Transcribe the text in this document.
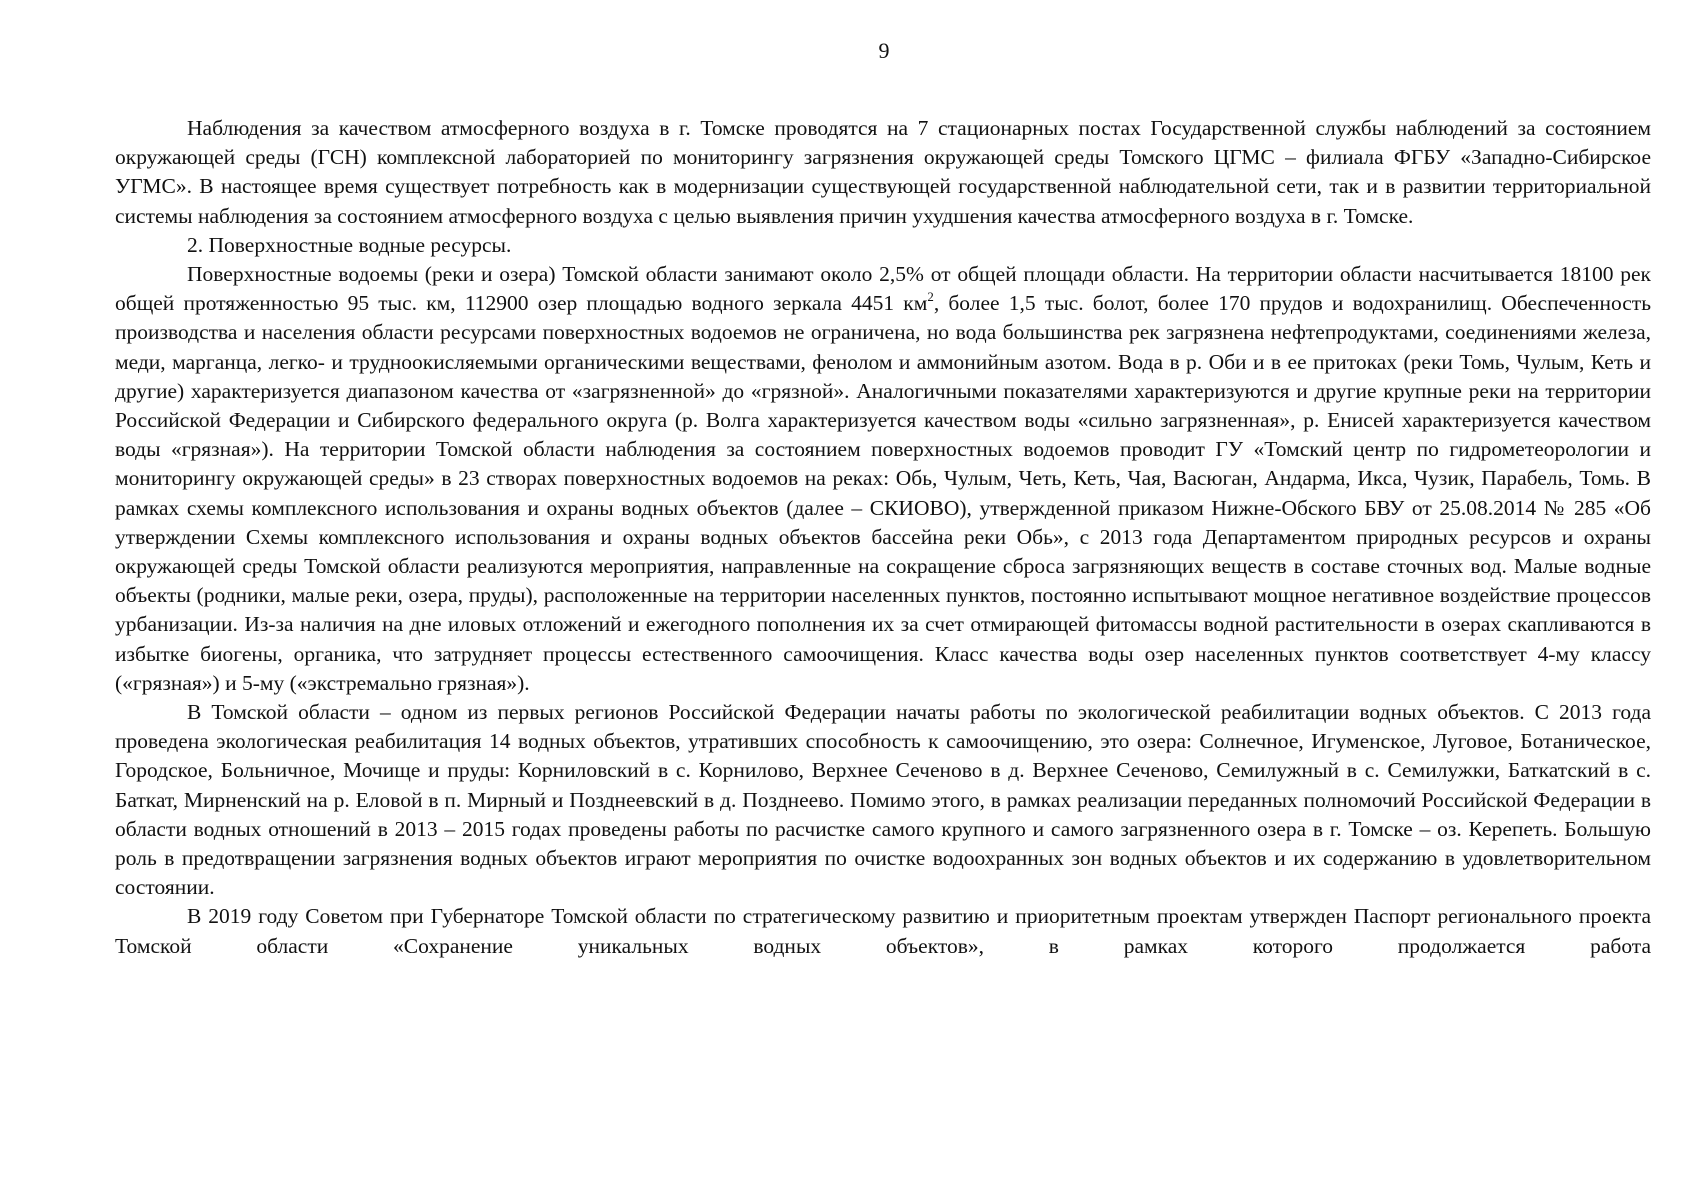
9

Наблюдения за качеством атмосферного воздуха в г. Томске проводятся на 7 стационарных постах Государственной службы наблюдений за состоянием окружающей среды (ГСН) комплексной лабораторией по мониторингу загрязнения окружающей среды Томского ЦГМС – филиала ФГБУ «Западно-Сибирское УГМС». В настоящее время существует потребность как в модернизации существующей государственной наблюдательной сети, так и в развитии территориальной системы наблюдения за состоянием атмосферного воздуха с целью выявления причин ухудшения качества атмосферного воздуха в г. Томске.

2. Поверхностные водные ресурсы.

Поверхностные водоемы (реки и озера) Томской области занимают около 2,5% от общей площади области. На территории области насчитывается 18100 рек общей протяженностью 95 тыс. км, 112900 озер площадью водного зеркала 4451 $км^2$, более 1,5 тыс. болот, более 170 прудов и водохранилищ. Обеспеченность производства и населения области ресурсами поверхностных водоемов не ограничена, но вода большинства рек загрязнена нефтепродуктами, соединениями железа, меди, марганца, легко- и трудноокисляемыми органическими веществами, фенолом и аммонийным азотом. Вода в р. Оби и в ее притоках (реки Томь, Чулым, Кеть и другие) характеризуется диапазоном качества от «загрязненной» до «грязной». Аналогичными показателями характеризуются и другие крупные реки на территории Российской Федерации и Сибирского федерального округа (р. Волга характеризуется качеством воды «сильно загрязненная», р. Енисей характеризуется качеством воды «грязная»). На территории Томской области наблюдения за состоянием поверхностных водоемов проводит ГУ «Томский центр по гидрометеорологии и мониторингу окружающей среды» в 23 створах поверхностных водоемов на реках: Обь, Чулым, Четь, Кеть, Чая, Васюган, Андарма, Икса, Чузик, Парабель, Томь. В рамках схемы комплексного использования и охраны водных объектов (далее – СКИОВО), утвержденной приказом Нижне-Обского БВУ от 25.08.2014 № 285 «Об утверждении Схемы комплексного использования и охраны водных объектов бассейна реки Обь», с 2013 года Департаментом природных ресурсов и охраны окружающей среды Томской области реализуются мероприятия, направленные на сокращение сброса загрязняющих веществ в составе сточных вод. Малые водные объекты (родники, малые реки, озера, пруды), расположенные на территории населенных пунктов, постоянно испытывают мощное негативное воздействие процессов урбанизации. Из-за наличия на дне иловых отложений и ежегодного пополнения их за счет отмирающей фитомассы водной растительности в озерах скапливаются в избытке биогены, органика, что затрудняет процессы естественного самоочищения. Класс качества воды озер населенных пунктов соответствует 4-му классу («грязная») и 5-му («экстремально грязная»).

В Томской области – одном из первых регионов Российской Федерации начаты работы по экологической реабилитации водных объектов. С 2013 года проведена экологическая реабилитация 14 водных объектов, утративших способность к самоочищению, это озера: Солнечное, Игуменское, Луговое, Ботаническое, Городское, Больничное, Мочище и пруды: Корниловский в с. Корнилово, Верхнее Сеченово в д. Верхнее Сеченово, Семилужный в с. Семилужки, Баткатский в с. Баткат, Мирненский на р. Еловой в п. Мирный и Позднеевский в д. Позднеево. Помимо этого, в рамках реализации переданных полномочий Российской Федерации в области водных отношений в 2013 – 2015 годах проведены работы по расчистке самого крупного и самого загрязненного озера в г. Томске – оз. Керепеть. Большую роль в предотвращении загрязнения водных объектов играют мероприятия по очистке водоохранных зон водных объектов и их содержанию в удовлетворительном состоянии.

В 2019 году Советом при Губернаторе Томской области по стратегическому развитию и приоритетным проектам утвержден Паспорт регионального проекта Томской области «Сохранение уникальных водных объектов», в рамках которого продолжается работа
